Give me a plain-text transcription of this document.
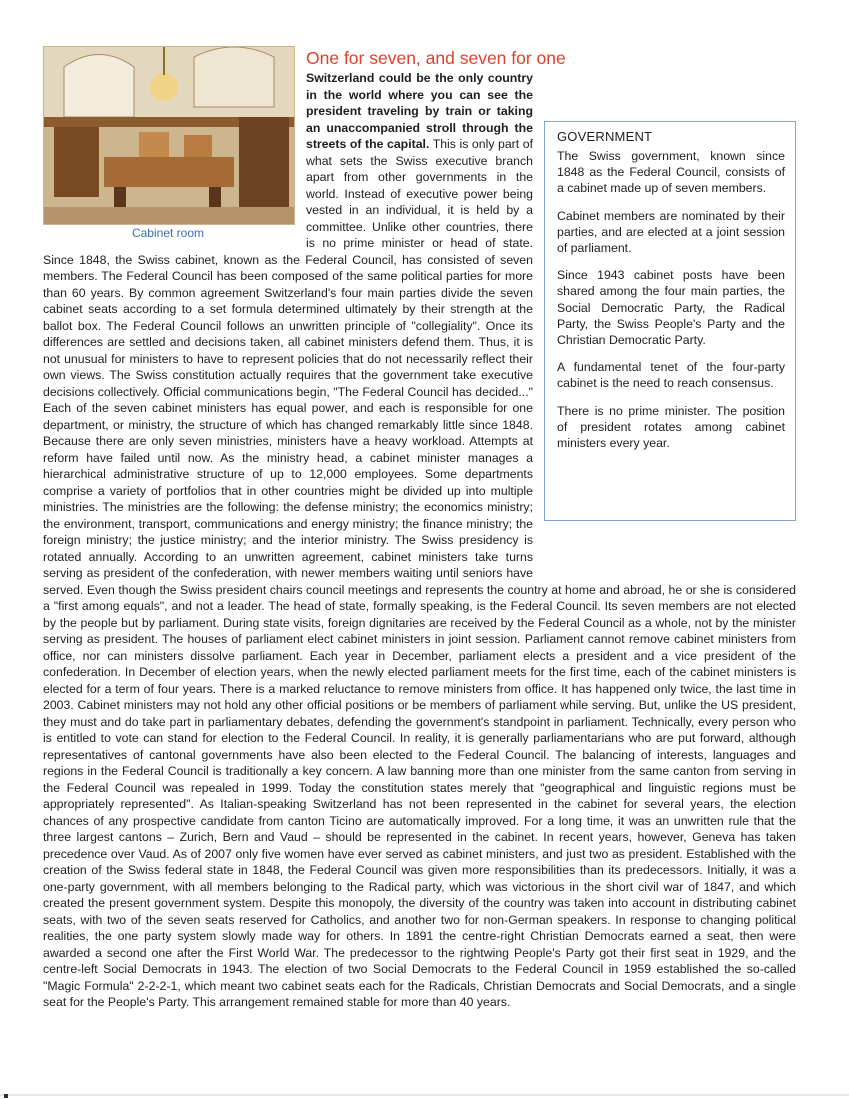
Cabinet room
One for seven, and seven for one
Switzerland could be the only country in the world where you can see the president traveling by train or taking an unaccompanied stroll through the streets of the capital. This is only part of what sets the Swiss executive branch apart from other governments in the world. Instead of executive power being vested in an individual, it is held by a committee. Unlike other countries, there is no prime minister or head of state. Since 1848, the Swiss cabinet, known as the Federal Council, has consisted of seven members. The Federal Council has been composed of the same political parties for more than 60 years. By common agreement Switzerland's four main parties divide the seven cabinet seats according to a set formula determined ultimately by their strength at the ballot box. The Federal Council follows an unwritten principle of "collegiality". Once its differences are settled and decisions taken, all cabinet ministers defend them. Thus, it is not unusual for ministers to have to represent policies that do not necessarily reflect their own views. The Swiss constitution actually requires that the government take executive decisions collectively. Official communications begin, "The Federal Council has decided..." Each of the seven cabinet ministers has equal power, and each is responsible for one department, or ministry, the structure of which has changed remarkably little since 1848. Because there are only seven ministries, ministers have a heavy workload. Attempts at reform have failed until now. As the ministry head, a cabinet minister manages a hierarchical administrative structure of up to 12,000 employees. Some departments comprise a variety of portfolios that in other countries might be divided up into multiple ministries. The ministries are the following: the defense ministry; the economics ministry; the environment, transport, communications and energy ministry; the finance ministry; the foreign ministry; the justice ministry; and the interior ministry. The Swiss presidency is rotated annually. According to an unwritten agreement, cabinet ministers take turns serving as president of the confederation, with newer members waiting until seniors have served. Even though the Swiss president chairs council meetings and represents the country at home and abroad, he or she is considered a "first among equals", and not a leader. The head of state, formally speaking, is the Federal Council. Its seven members are not elected by the people but by parliament. During state visits, foreign dignitaries are received by the Federal Council as a whole, not by the minister serving as president. The houses of parliament elect cabinet ministers in joint session. Parliament cannot remove cabinet ministers from office, nor can ministers dissolve parliament. Each year in December, parliament elects a president and a vice president of the confederation. In December of election years, when the newly elected parliament meets for the first time, each of the cabinet ministers is elected for a term of four years. There is a marked reluctance to remove ministers from office. It has happened only twice, the last time in 2003. Cabinet ministers may not hold any other official positions or be members of parliament while serving. But, unlike the US president, they must and do take part in parliamentary debates, defending the government's standpoint in parliament. Technically, every person who is entitled to vote can stand for election to the Federal Council. In reality, it is generally parliamentarians who are put forward, although representatives of cantonal governments have also been elected to the Federal Council. The balancing of interests, languages and regions in the Federal Council is traditionally a key concern. A law banning more than one minister from the same canton from serving in the Federal Council was repealed in 1999. Today the constitution states merely that "geographical and linguistic regions must be appropriately represented". As Italian-speaking Switzerland has not been represented in the cabinet for several years, the election chances of any prospective candidate from canton Ticino are automatically improved. For a long time, it was an unwritten rule that the three largest cantons – Zurich, Bern and Vaud – should be represented in the cabinet. In recent years, however, Geneva has taken precedence over Vaud. As of 2007 only five women have ever served as cabinet ministers, and just two as president. Established with the creation of the Swiss federal state in 1848, the Federal Council was given more responsibilities than its predecessors. Initially, it was a one-party government, with all members belonging to the Radical party, which was victorious in the short civil war of 1847, and which created the present government system. Despite this monopoly, the diversity of the country was taken into account in distributing cabinet seats, with two of the seven seats reserved for Catholics, and another two for non-German speakers. In response to changing political realities, the one party system slowly made way for others. In 1891 the centre-right Christian Democrats earned a seat, then were awarded a second one after the First World War. The predecessor to the rightwing People's Party got their first seat in 1929, and the centre-left Social Democrats in 1943. The election of two Social Democrats to the Federal Council in 1959 established the so-called "Magic Formula" 2-2-2-1, which meant two cabinet seats each for the Radicals, Christian Democrats and Social Democrats, and a single seat for the People's Party. This arrangement remained stable for more than 40 years.
GOVERNMENT

The Swiss government, known since 1848 as the Federal Council, consists of a cabinet made up of seven members.

Cabinet members are nominated by their parties, and are elected at a joint session of parliament.

Since 1943 cabinet posts have been shared among the four main parties, the Social Democratic Party, the Radical Party, the Swiss People's Party and the Christian Democratic Party.

A fundamental tenet of the four-party cabinet is the need to reach consensus.

There is no prime minister. The position of president rotates among cabinet ministers every year.
